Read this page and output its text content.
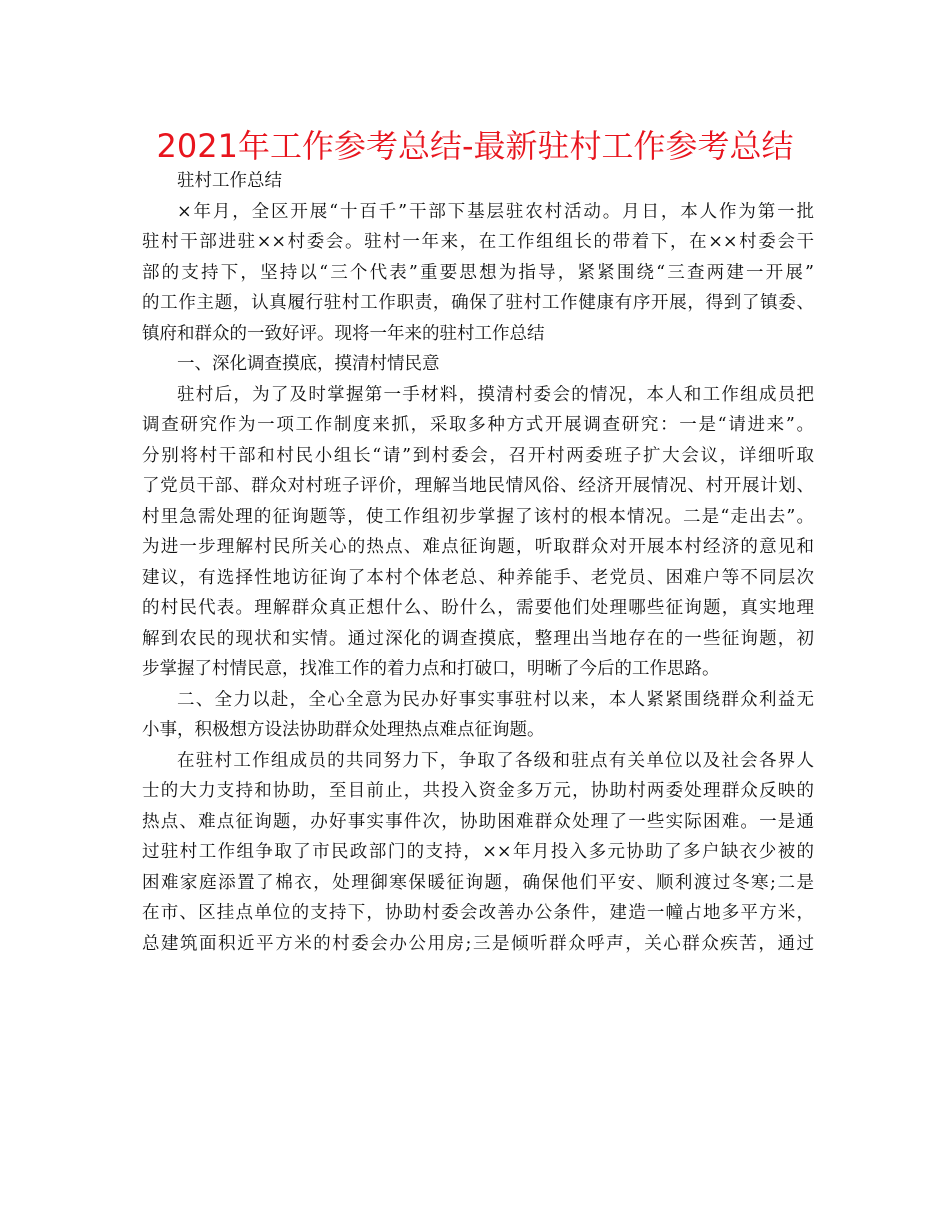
2021年工作参考总结-最新驻村工作参考总结
驻村工作总结
×年月，全区开展“十百千”干部下基层驻农村活动。月日，本人作为第一批
驻村干部进驻××村委会。驻村一年来，在工作组组长的带着下，在××村委会干
部的支持下，坚持以“三个代表”重要思想为指导，紧紧围绕“三查两建一开展”
的工作主题，认真履行驻村工作职责，确保了驻村工作健康有序开展，得到了镇委、
镇府和群众的一致好评。现将一年来的驻村工作总结
一、深化调查摸底，摸清村情民意
驻村后，为了及时掌握第一手材料，摸清村委会的情况，本人和工作组成员把
调查研究作为一项工作制度来抓，采取多种方式开展调查研究：一是“请进来”。
分别将村干部和村民小组长“请”到村委会，召开村两委班子扩大会议，详细听取
了党员干部、群众对村班子评价，理解当地民情风俗、经济开展情况、村开展计划、
村里急需处理的征询题等，使工作组初步掌握了该村的根本情况。二是“走出去”。
为进一步理解村民所关心的热点、难点征询题，听取群众对开展本村经济的意见和
建议，有选择性地访征询了本村个体老总、种养能手、老党员、困难户等不同层次
的村民代表。理解群众真正想什么、盼什么，需要他们处理哪些征询题，真实地理
解到农民的现状和实情。通过深化的调查摸底，整理出当地存在的一些征询题，初
步掌握了村情民意，找准工作的着力点和打破口，明晰了今后的工作思路。
二、全力以赴，全心全意为民办好事实事驻村以来，本人紧紧围绕群众利益无
小事，积极想方设法协助群众处理热点难点征询题。
在驻村工作组成员的共同努力下，争取了各级和驻点有关单位以及社会各界人
士的大力支持和协助，至目前止，共投入资金多万元，协助村两委处理群众反映的
热点、难点征询题，办好事实事件次，协助困难群众处理了一些实际困难。一是通
过驻村工作组争取了市民政部门的支持，××年月投入多元协助了多户缺衣少被的
困难家庭添置了棉衣，处理御寒保暖征询题，确保他们平安、顺利渡过冬寒;二是
在市、区挂点单位的支持下，协助村委会改善办公条件，建造一幢占地多平方米，
总建筑面积近平方米的村委会办公用房;三是倾听群众呼声，关心群众疾苦，通过
